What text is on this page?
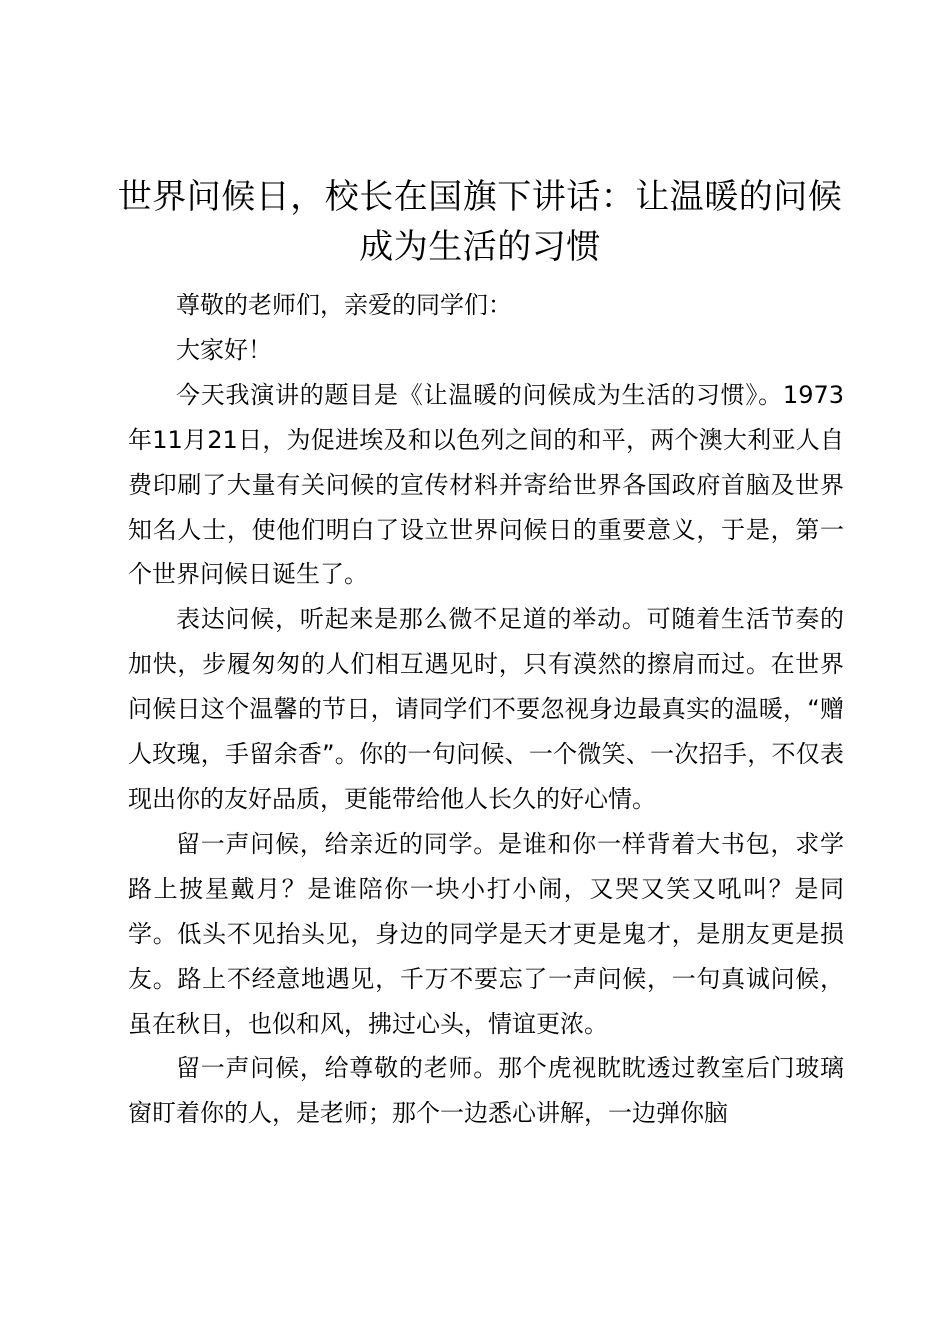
世界问候日，校长在国旗下讲话：让温暖的问候成为生活的习惯

尊敬的老师们，亲爱的同学们：

大家好！

今天我演讲的题目是《让温暖的问候成为生活的习惯》。1973年11月21日，为促进埃及和以色列之间的和平，两个澳大利亚人自费印刷了大量有关问候的宣传材料并寄给世界各国政府首脑及世界知名人士，使他们明白了设立世界问候日的重要意义，于是，第一个世界问候日诞生了。

表达问候，听起来是那么微不足道的举动。可随着生活节奏的加快，步履匆匆的人们相互遇见时，只有漠然的擦肩而过。在世界问候日这个温馨的节日，请同学们不要忽视身边最真实的温暖，“赠人玫瑰，手留余香”。你的一句问候、一个微笑、一次招手，不仅表现出你的友好品质，更能带给他人长久的好心情。

留一声问候，给亲近的同学。是谁和你一样背着大书包，求学路上披星戴月？是谁陪你一块小打小闹，又哭又笑又吼叫？是同学。低头不见抬头见，身边的同学是天才更是鬼才，是朋友更是损友。路上不经意地遇见，千万不要忘了一声问候，一句真诚问候，虽在秋日，也似和风，拂过心头，情谊更浓。

留一声问候，给尊敬的老师。那个虎视眈眈透过教室后门玻璃窗盯着你的人，是老师；那个一边悉心讲解，一边弹你脑
